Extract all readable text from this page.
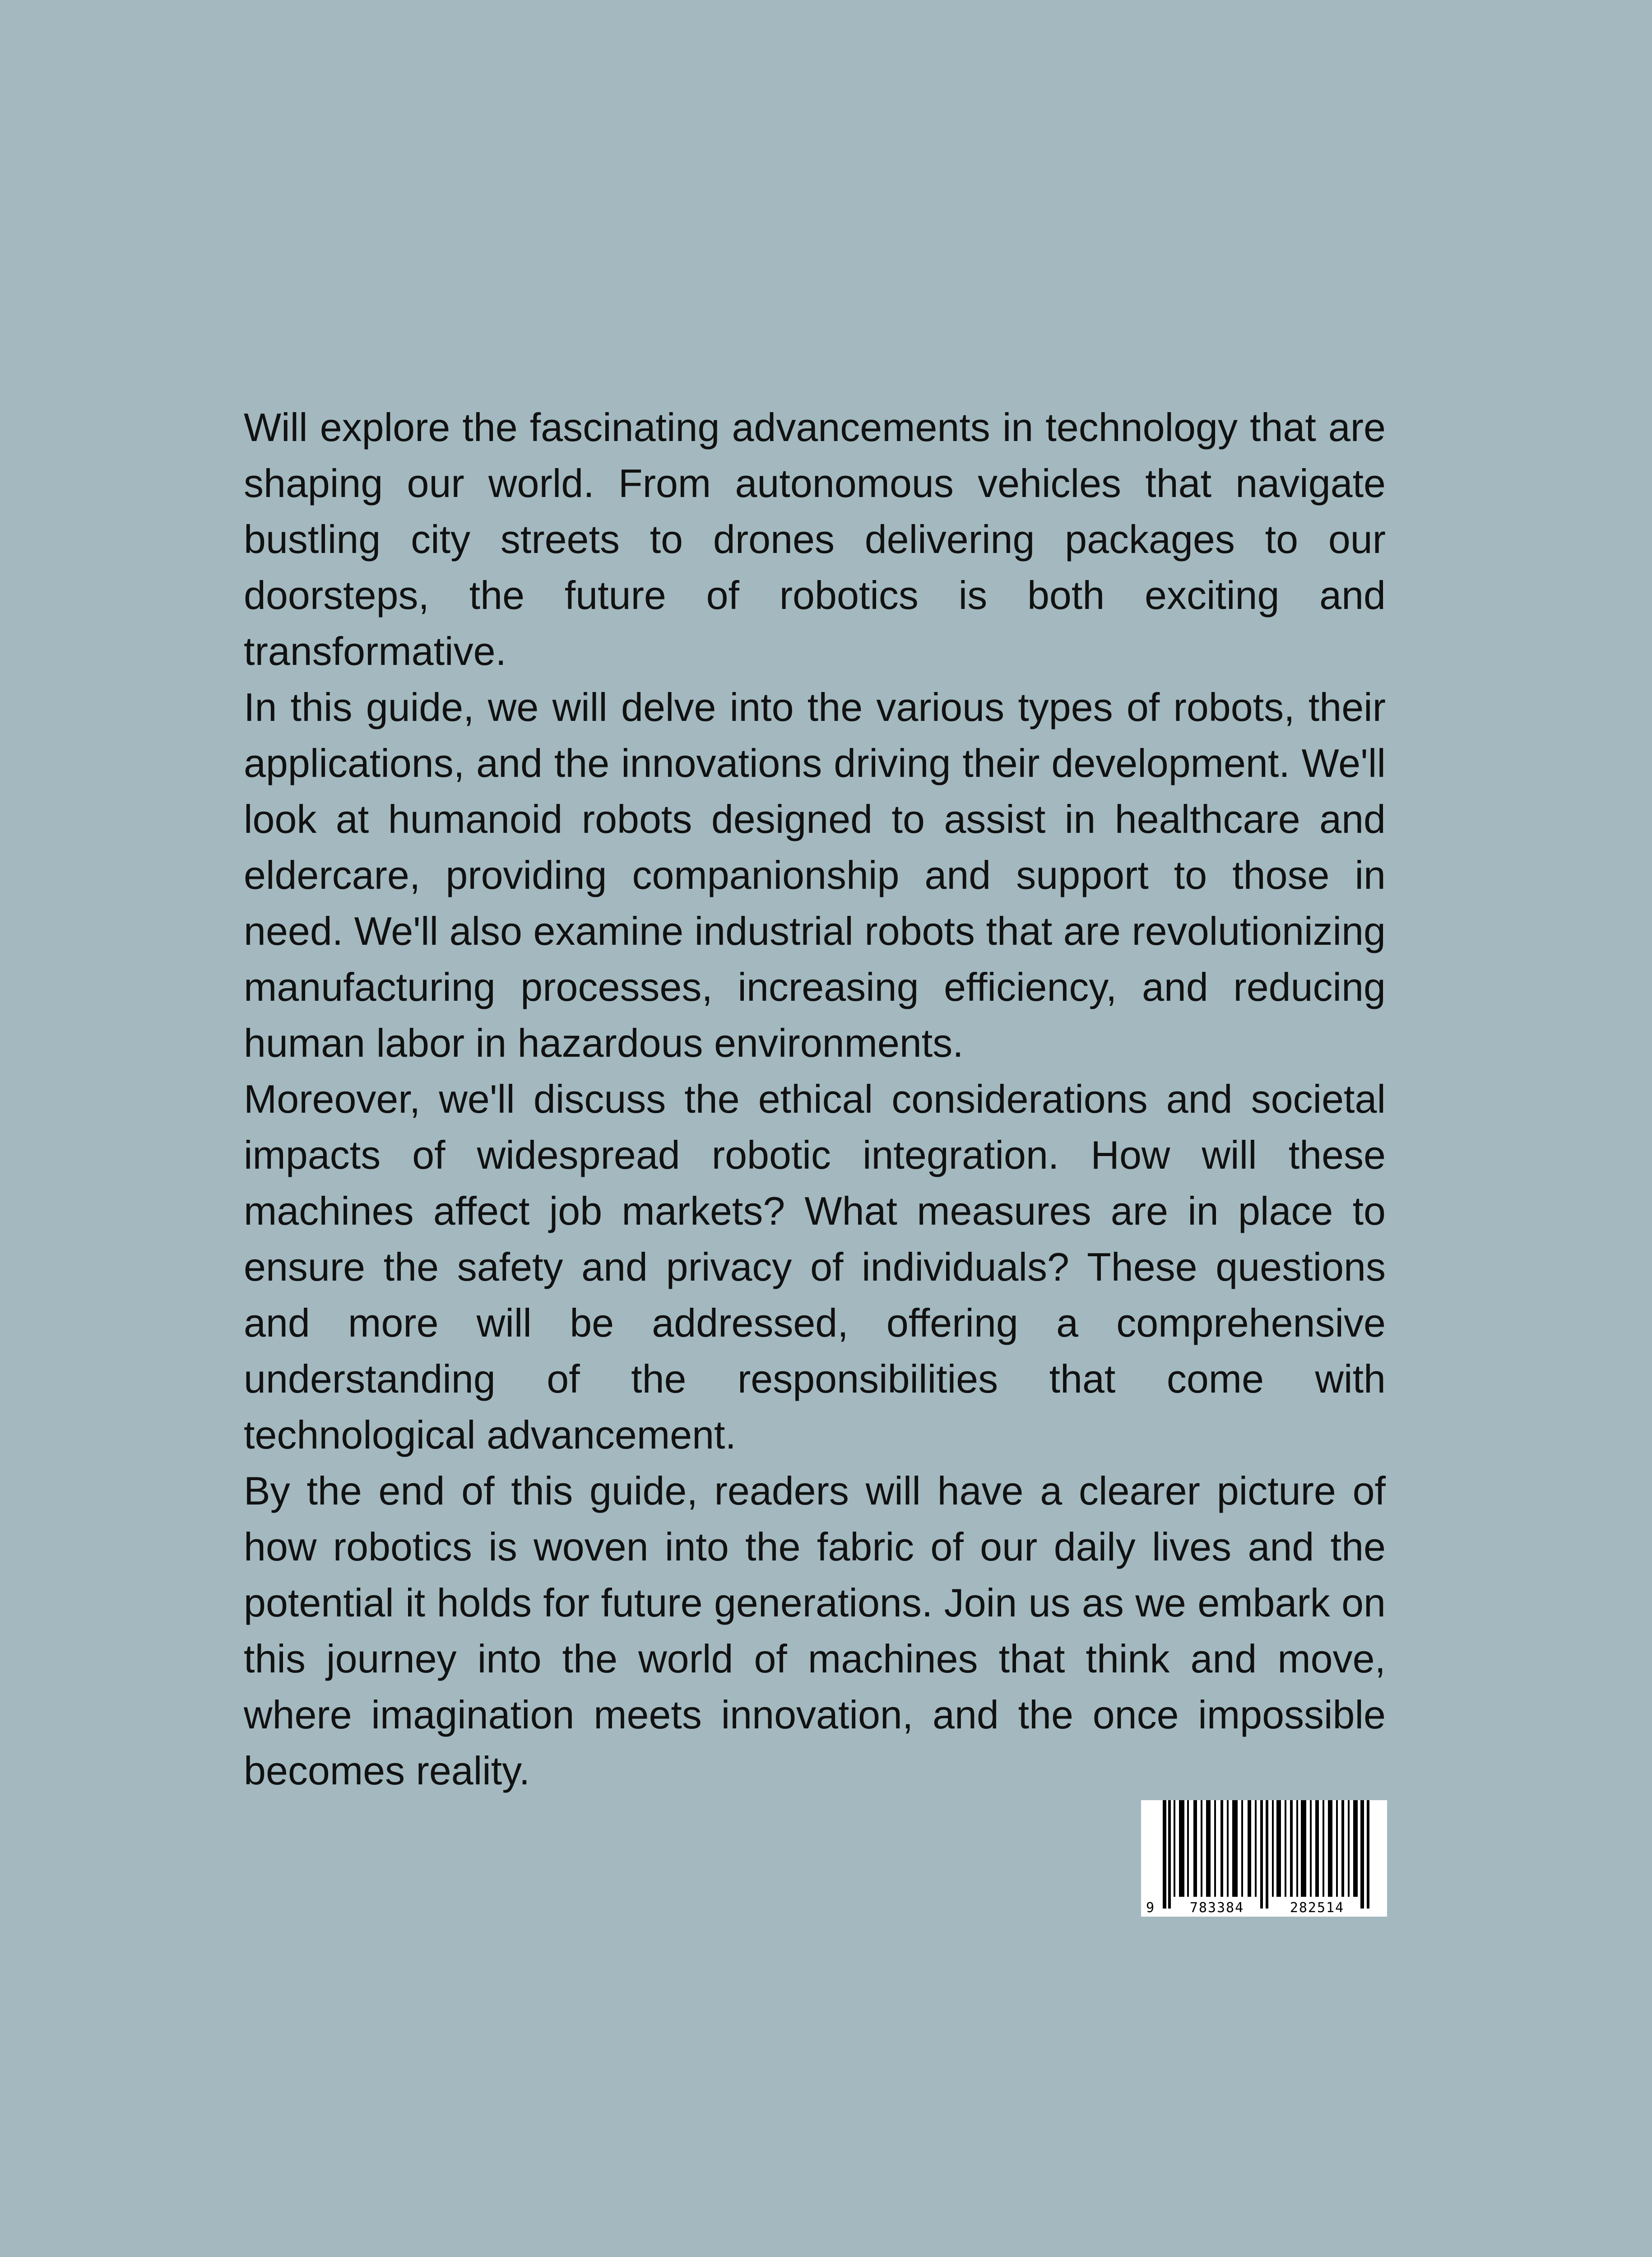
Will explore the fascinating advancements in technology that are shaping our world. From autonomous vehicles that navigate bustling city streets to drones delivering packages to our doorsteps, the future of robotics is both exciting and transformative.

In this guide, we will delve into the various types of robots, their applications, and the innovations driving their development. We'll look at humanoid robots designed to assist in healthcare and eldercare, providing companionship and support to those in need. We'll also examine industrial robots that are revolutionizing manufacturing processes, increasing efficiency, and reducing human labor in hazardous environments.

Moreover, we'll discuss the ethical considerations and societal impacts of widespread robotic integration. How will these machines affect job markets? What measures are in place to ensure the safety and privacy of individuals? These questions and more will be addressed, offering a comprehensive understanding of the responsibilities that come with technological advancement.

By the end of this guide, readers will have a clearer picture of how robotics is woven into the fabric of our daily lives and the potential it holds for future generations. Join us as we embark on this journey into the world of machines that think and move, where imagination meets innovation, and the once impossible becomes reality.

9	783384	282514
